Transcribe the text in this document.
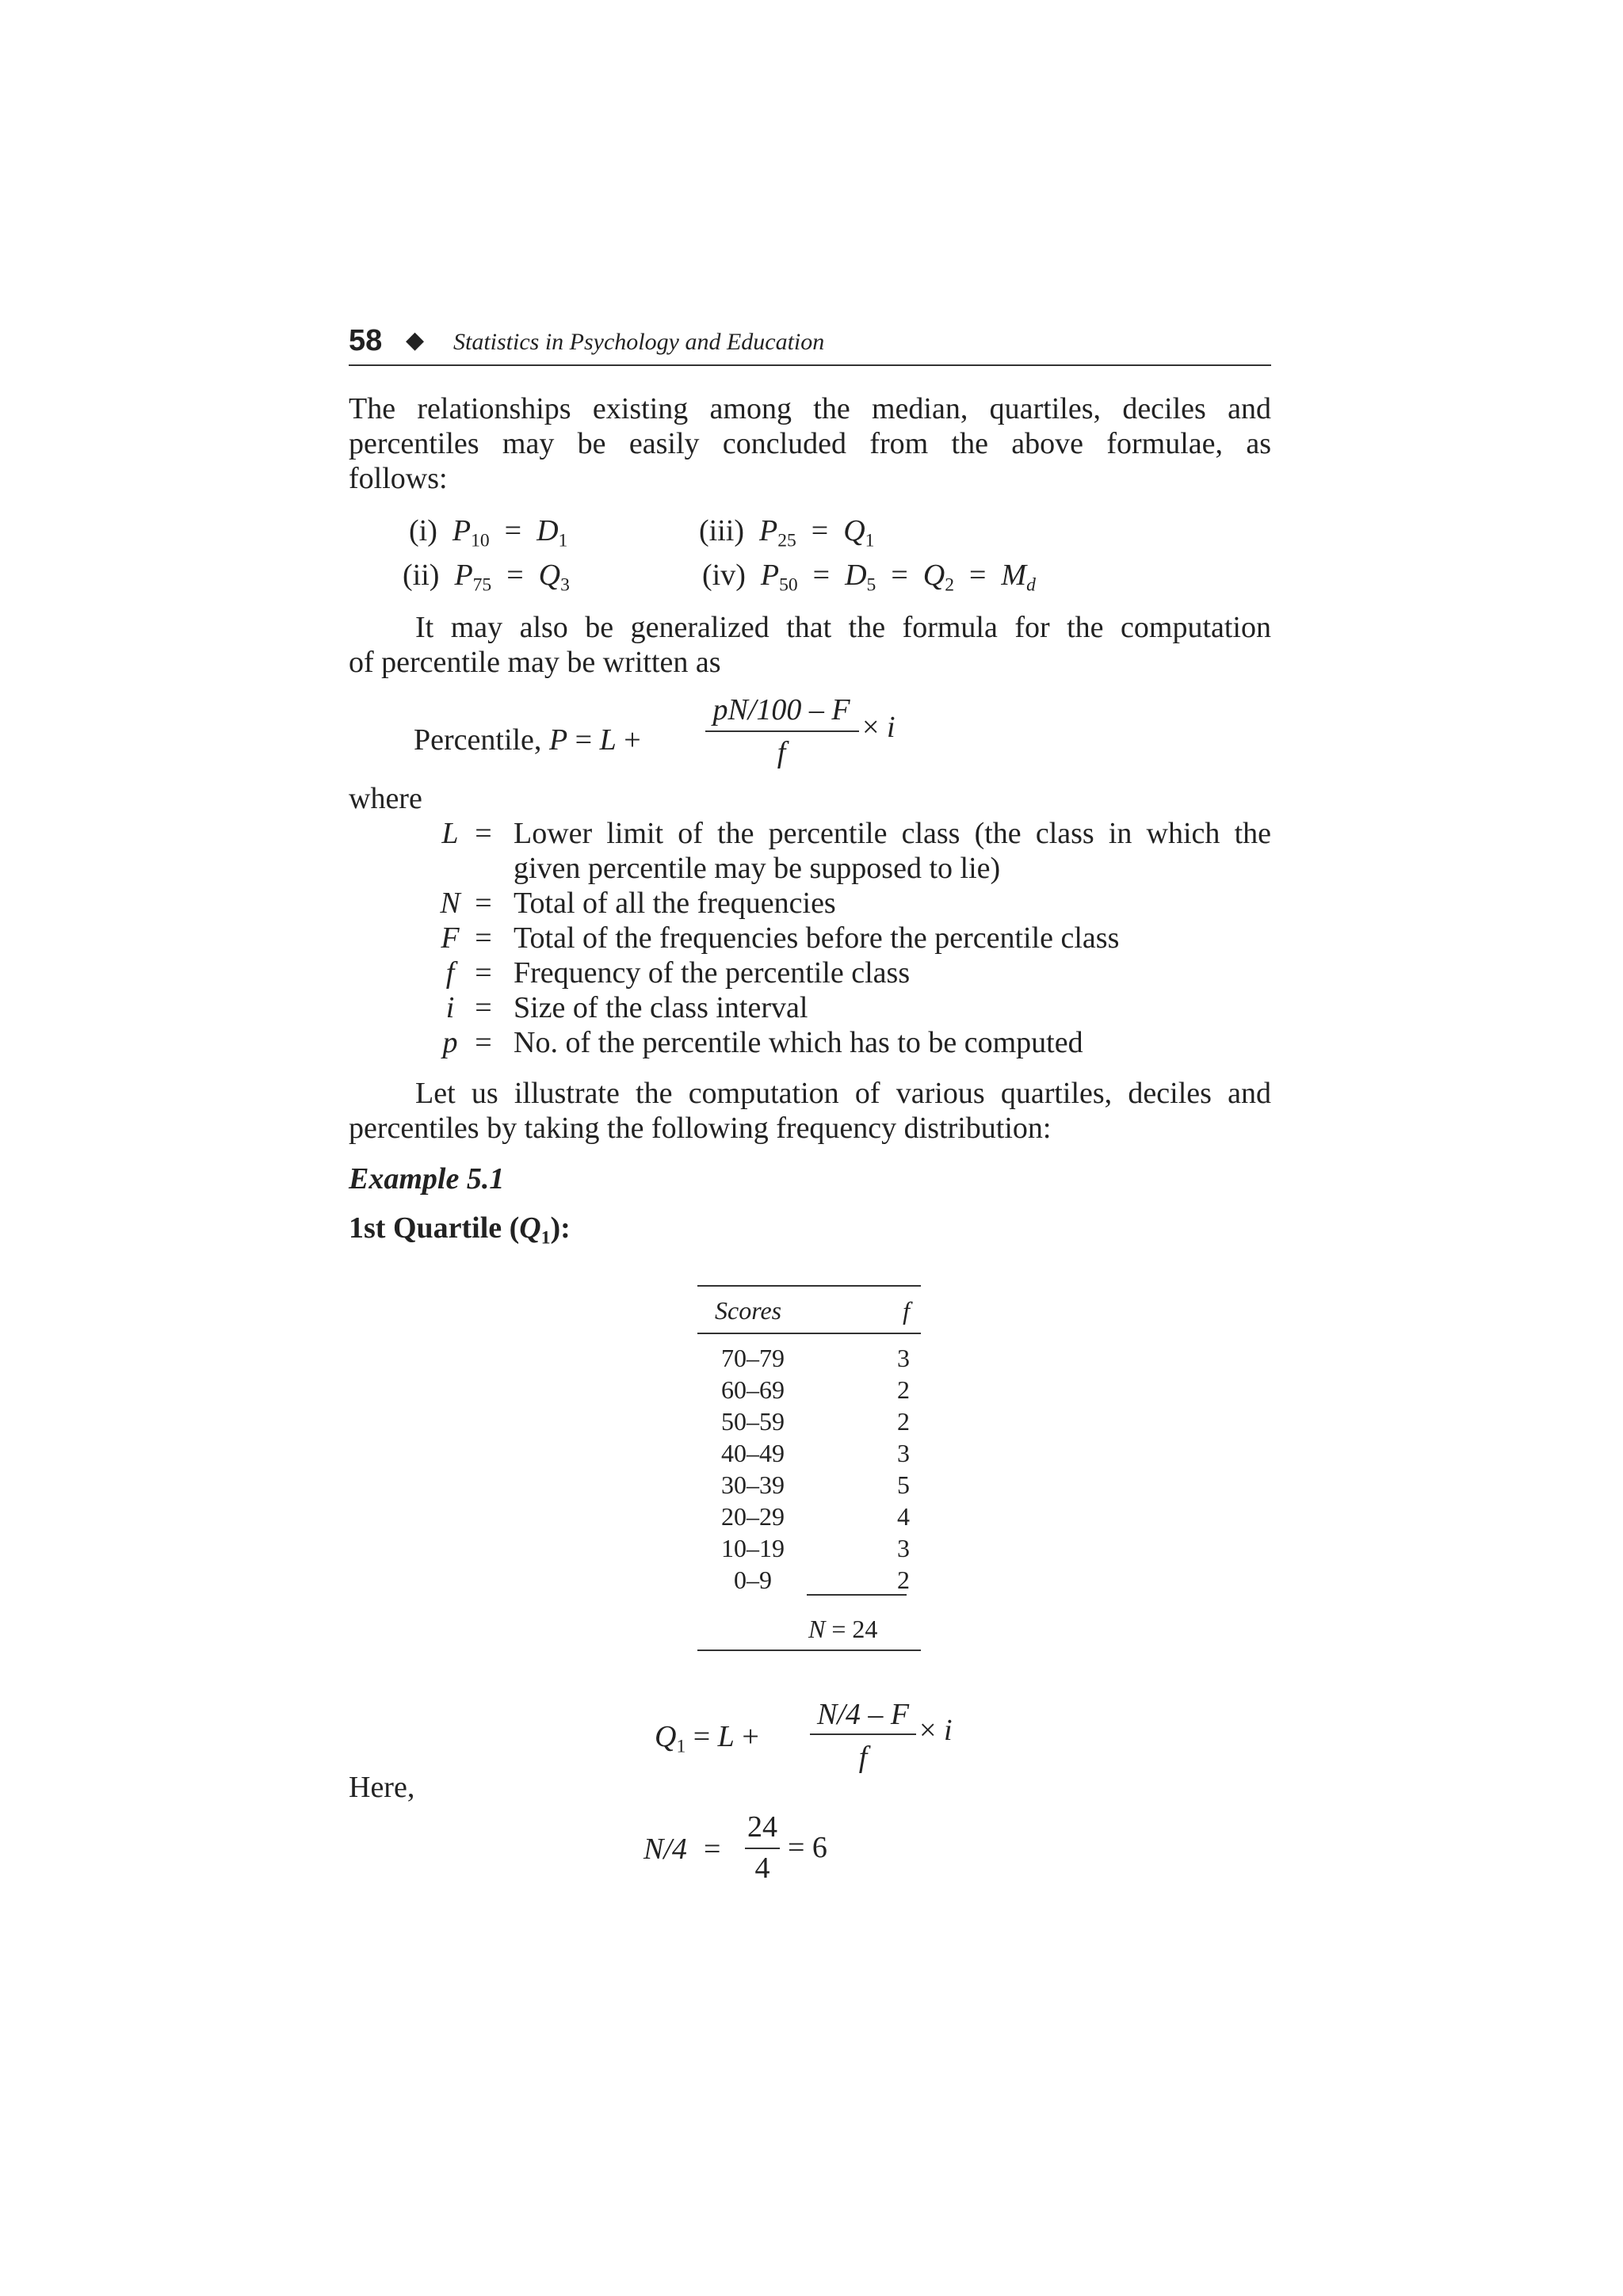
58 ◆ Statistics in Psychology and Education
The relationships existing among the median, quartiles, deciles and
percentiles may be easily concluded from the above formulae, as
follows:
(i) $P_{10} = D_1$	(iii) $P_{25} = Q_1$
(ii) $P_{75} = Q_3$	(iv) $P_{50} = D_5 = Q_2 = M_d$
It may also be generalized that the formula for the computation
of percentile may be written as
Percentile, P = L +
pN/100 – F
f
× i
where
L = Lower limit of the percentile class (the class in which the
given percentile may be supposed to lie)
N = Total of all the frequencies
F = Total of the frequencies before the percentile class
f = Frequency of the percentile class
i = Size of the class interval
p = No. of the percentile which has to be computed
Let us illustrate the computation of various quartiles, deciles and
percentiles by taking the following frequency distribution:
Example 5.1
1st Quartile $(Q_1)$:
Scores	f
70–79	3
60–69	2
50–59	2
40–49	3
30–39	5
20–29	4
10–19	3
0–9	2
N = 24
$Q_1 = L$ +
N/4 – F
f
× i
Here,
N/4 =
24
4
= 6
